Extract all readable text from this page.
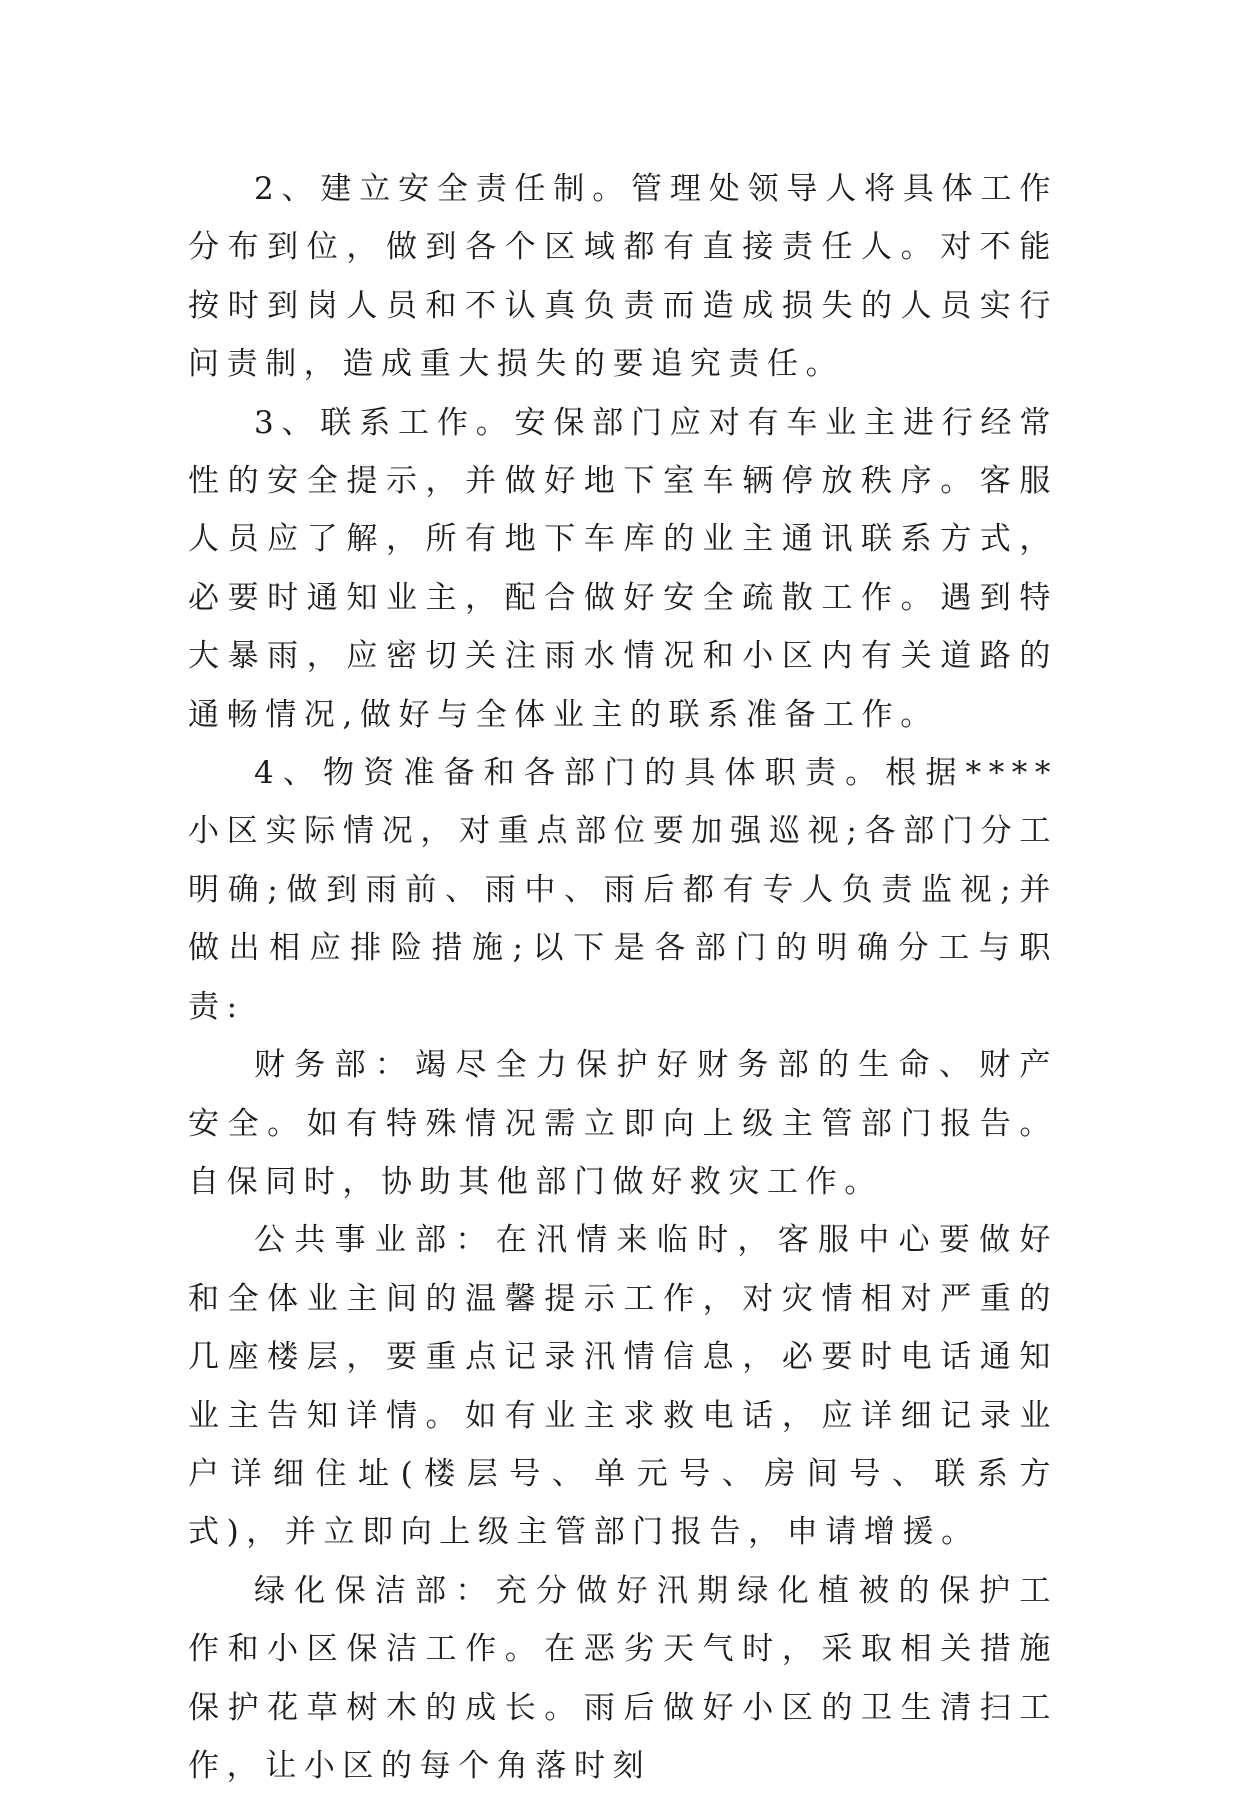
2、建立安全责任制。管理处领导人将具体工作分布到位，做到各个区域都有直接责任人。对不能按时到岗人员和不认真负责而造成损失的人员实行问责制，造成重大损失的要追究责任。

3、联系工作。安保部门应对有车业主进行经常性的安全提示，并做好地下室车辆停放秩序。客服人员应了解，所有地下车库的业主通讯联系方式，必要时通知业主，配合做好安全疏散工作。遇到特大暴雨，应密切关注雨水情况和小区内有关道路的通畅情况,做好与全体业主的联系准备工作。

4、物资准备和各部门的具体职责。根据****小区实际情况，对重点部位要加强巡视;各部门分工明确;做到雨前、雨中、雨后都有专人负责监视;并做出相应排险措施;以下是各部门的明确分工与职责:

财务部：竭尽全力保护好财务部的生命、财产安全。如有特殊情况需立即向上级主管部门报告。自保同时，协助其他部门做好救灾工作。

公共事业部：在汛情来临时，客服中心要做好和全体业主间的温馨提示工作，对灾情相对严重的几座楼层，要重点记录汛情信息，必要时电话通知业主告知详情。如有业主求救电话，应详细记录业户详细住址(楼层号、单元号、房间号、联系方式)，并立即向上级主管部门报告，申请增援。

绿化保洁部：充分做好汛期绿化植被的保护工作和小区保洁工作。在恶劣天气时，采取相关措施保护花草树木的成长。雨后做好小区的卫生清扫工作，让小区的每个角落时刻
